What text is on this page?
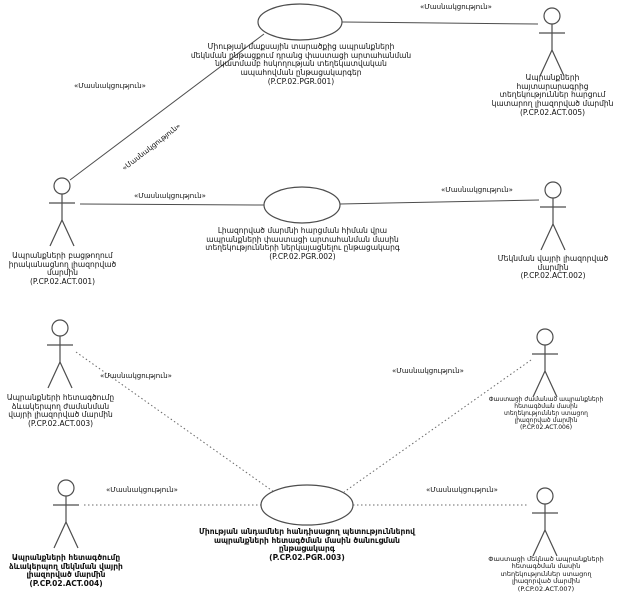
«Մասնակցություն»
«Մասնակցություն»
«Մասնակցություն»
«Մասնակցություն»
«Մասնակցություն»
«Մասնակցություն»
«Մասնակցություն»
«Մասնակցություն»	«Մասնակցություն»
Միության մաքսային տարածքից ապրանքների մեկնման ընթացքում դրանց փաստացի արտահանման նկատմամբ հսկողության տեղեկատվական ապահովման ընթացակարգեր
(P.CP.02.PGR.001)
Լիազորված մարմնի հարցման հիման վրա ապրանքների փաստացի արտահանման մասին տեղեկությունների ներկայացնելու ընթացակարգ
(P.CP.02.PGR.002)
Միության անդամներ հանդիսացող պետություններով ապրանքների հետագծման մասին ծանուցման ընթացակարգ
(P.CP.02.PGR.003)
Ապրանքների հայտարարագրից տեղեկություններ հարցում կատարող լիազորված մարմին
(P.CP.02.ACT.005)
Ապրանքների բացթողում իրականացնող լիազորված մարմին
(P.CP.02.ACT.001)
Մեկնման վայրի լիազորված մարմին
(P.CP.02.ACT.002)
Ապրանքների հետագծումը ձևակերպող ժամանման վայրի լիազորված մարմին
(P.CP.02.ACT.003)
Փաստացի ժամանած ապրանքների հետագծման մասին տեղեկություններ ստացող լիազորված մարմին
(P.CP.02.ACT.006)
Ապրանքների հետագծումը ձևակերպող մեկնման վայրի լիազորված մարմին
(P.CP.02.ACT.004)
Փաստացի մեկնած ապրանքների հետագծման մասին տեղեկություններ ստացող լիազորված մարմին
(P.CP.02.ACT.007)
